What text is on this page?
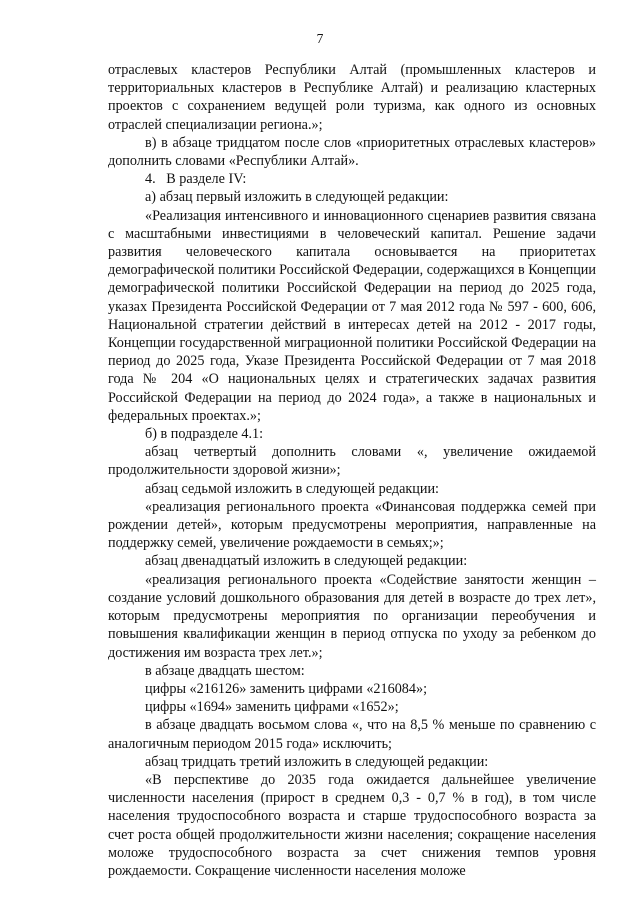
7

отраслевых кластеров Республики Алтай (промышленных кластеров и территориальных кластеров в Республике Алтай) и реализацию кластерных проектов с сохранением ведущей роли туризма, как одного из основных отраслей специализации региона.»;

в) в абзаце тридцатом после слов «приоритетных отраслевых кластеров» дополнить словами «Республики Алтай».

4.   В разделе IV:

а) абзац первый изложить в следующей редакции:

«Реализация интенсивного и инновационного сценариев развития связана с масштабными инвестициями в человеческий капитал. Решение задачи развития человеческого капитала основывается на приоритетах демографической политики Российской Федерации, содержащихся в Концепции демографической политики Российской Федерации на период до 2025 года, указах Президента Российской Федерации от 7 мая 2012 года № 597 - 600, 606, Национальной стратегии действий в интересах детей на 2012 - 2017 годы, Концепции государственной миграционной политики Российской Федерации на период до 2025 года, Указе Президента Российской Федерации от 7 мая 2018 года № 204 «О национальных целях и стратегических задачах развития Российской Федерации на период до 2024 года», а также в национальных и федеральных проектах.»;

б) в подразделе 4.1:

абзац четвертый дополнить словами «, увеличение ожидаемой продолжительности здоровой жизни»;

абзац седьмой изложить в следующей редакции:

«реализация регионального проекта «Финансовая поддержка семей при рождении детей», которым предусмотрены мероприятия, направленные на поддержку семей, увеличение рождаемости в семьях;»;

абзац двенадцатый изложить в следующей редакции:

«реализация регионального проекта «Содействие занятости женщин – создание условий дошкольного образования для детей в возрасте до трех лет», которым предусмотрены мероприятия по организации переобучения и повышения квалификации женщин в период отпуска по уходу за ребенком до достижения им возраста трех лет.»;

в абзаце двадцать шестом:

цифры «216126» заменить цифрами «216084»;

цифры «1694» заменить цифрами «1652»;

в абзаце двадцать восьмом слова «, что на 8,5 % меньше по сравнению с аналогичным периодом 2015 года» исключить;

абзац тридцать третий изложить в следующей редакции:

«В перспективе до 2035 года ожидается дальнейшее увеличение численности населения (прирост в среднем 0,3 - 0,7 % в год), в том числе населения трудоспособного возраста и старше трудоспособного возраста за счет роста общей продолжительности жизни населения; сокращение населения моложе трудоспособного возраста за счет снижения темпов уровня рождаемости. Сокращение численности населения моложе
